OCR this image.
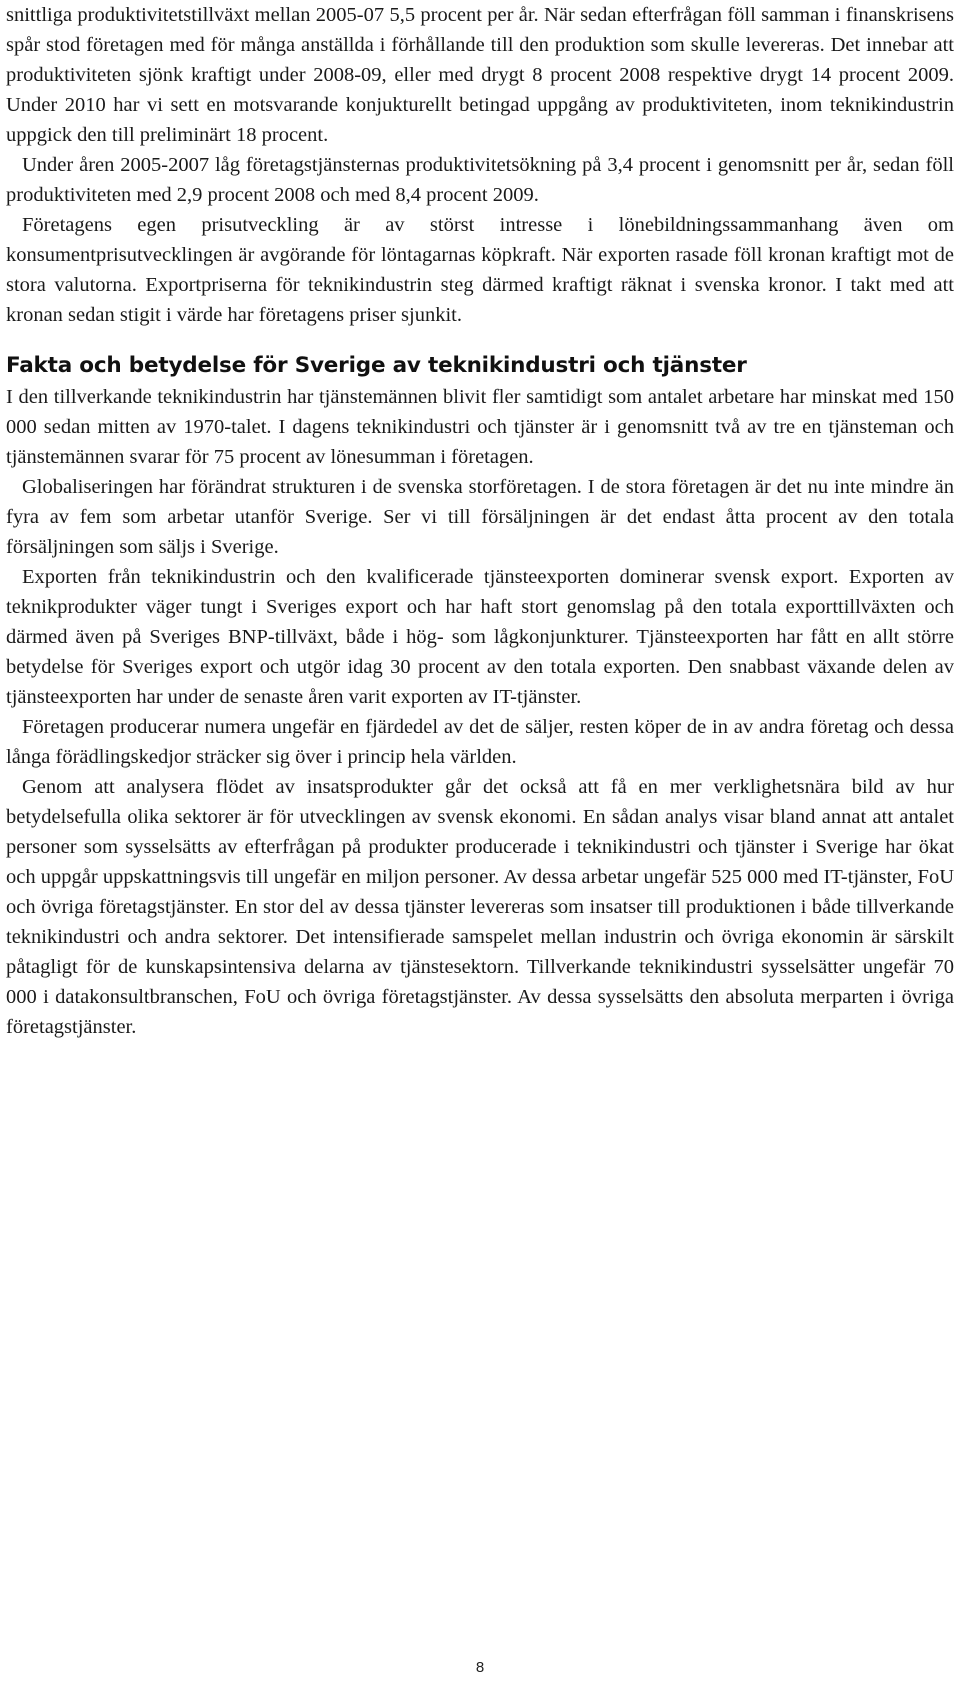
snittliga produktivitetstillväxt mellan 2005-07 5,5 procent per år. När sedan efterfrågan föll samman i finanskrisens spår stod företagen med för många anställda i förhållande till den produktion som skulle levereras. Det innebar att produktiviteten sjönk kraftigt under 2008-09, eller med drygt 8 procent 2008 respektive drygt 14 procent 2009. Under 2010 har vi sett en motsvarande konjukturellt betingad uppgång av produktiviteten, inom teknikindustrin uppgick den till preliminärt 18 procent.

Under åren 2005-2007 låg företagstjänsternas produktivitetsökning på 3,4 procent i genomsnitt per år, sedan föll produktiviteten med 2,9 procent 2008 och med 8,4 procent 2009.

Företagens egen prisutveckling är av störst intresse i lönebildningssammanhang även om konsumentprisutvecklingen är avgörande för löntagarnas köpkraft. När exporten rasade föll kronan kraftigt mot de stora valutorna. Exportpriserna för teknikindustrin steg därmed kraftigt räknat i svenska kronor. I takt med att kronan sedan stigit i värde har företagens priser sjunkit.

Fakta och betydelse för Sverige av teknikindustri och tjänster

I den tillverkande teknikindustrin har tjänstemännen blivit fler samtidigt som antalet arbetare har minskat med 150 000 sedan mitten av 1970-talet. I dagens teknikindustri och tjänster är i genomsnitt två av tre en tjänsteman och tjänstemännen svarar för 75 procent av lönesumman i företagen.

Globaliseringen har förändrat strukturen i de svenska storföretagen. I de stora företagen är det nu inte mindre än fyra av fem som arbetar utanför Sverige. Ser vi till försäljningen är det endast åtta procent av den totala försäljningen som säljs i Sverige.

Exporten från teknikindustrin och den kvalificerade tjänsteexporten dominerar svensk export. Exporten av teknikprodukter väger tungt i Sveriges export och har haft stort genomslag på den totala exporttillväxten och därmed även på Sveriges BNP-tillväxt, både i hög- som lågkonjunkturer. Tjänsteexporten har fått en allt större betydelse för Sveriges export och utgör idag 30 procent av den totala exporten. Den snabbast växande delen av tjänsteexporten har under de senaste åren varit exporten av IT-tjänster.

Företagen producerar numera ungefär en fjärdedel av det de säljer, resten köper de in av andra företag och dessa långa förädlingskedjor sträcker sig över i princip hela världen.

Genom att analysera flödet av insatsprodukter går det också att få en mer verklighetsnära bild av hur betydelsefulla olika sektorer är för utvecklingen av svensk ekonomi. En sådan analys visar bland annat att antalet personer som sysselsätts av efterfrågan på produkter producerade i teknikindustri och tjänster i Sverige har ökat och uppgår uppskattningsvis till ungefär en miljon personer. Av dessa arbetar ungefär 525 000 med IT-tjänster, FoU och övriga företagstjänster. En stor del av dessa tjänster levereras som insatser till produktionen i både tillverkande teknikindustri och andra sektorer. Det intensifierade samspelet mellan industrin och övriga ekonomin är särskilt påtagligt för de kunskapsintensiva delarna av tjänstesektorn. Tillverkande teknikindustri sysselsätter ungefär 70 000 i datakonsultbranschen, FoU och övriga företagstjänster. Av dessa sysselsätts den absoluta merparten i övriga företagstjänster.

8
